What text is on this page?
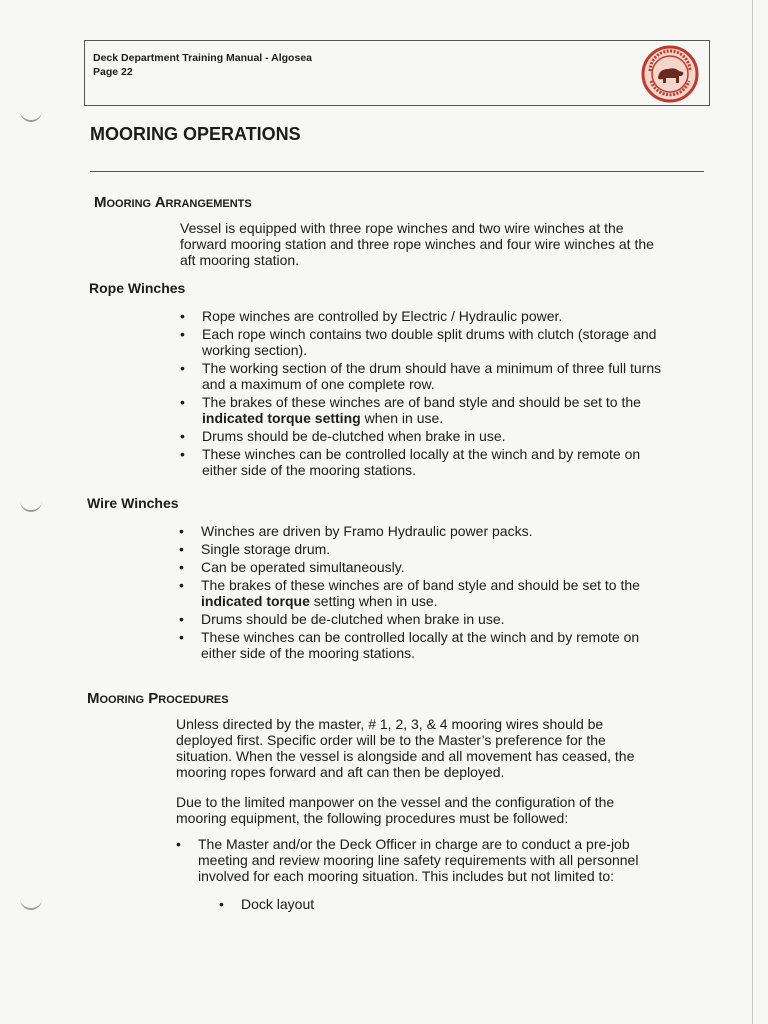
Deck Department Training Manual - Algosea
Page 22
MOORING OPERATIONS
Mooring Arrangements
Vessel is equipped with three rope winches and two wire winches at the
forward mooring station and three rope winches and four wire winches at the
aft mooring station.
Rope Winches
• Rope winches are controlled by Electric / Hydraulic power.
• Each rope winch contains two double split drums with clutch (storage and
working section).
• The working section of the drum should have a minimum of three full turns
and a maximum of one complete row.
• The brakes of these winches are of band style and should be set to the
indicated torque setting when in use.
• Drums should be de-clutched when brake in use.
• These winches can be controlled locally at the winch and by remote on
either side of the mooring stations.
Wire Winches
• Winches are driven by Framo Hydraulic power packs.
• Single storage drum.
• Can be operated simultaneously.
• The brakes of these winches are of band style and should be set to the
indicated torque setting when in use.
• Drums should be de-clutched when brake in use.
• These winches can be controlled locally at the winch and by remote on
either side of the mooring stations.
Mooring Procedures
Unless directed by the master, # 1, 2, 3, & 4 mooring wires should be
deployed first. Specific order will be to the Master’s preference for the
situation. When the vessel is alongside and all movement has ceased, the
mooring ropes forward and aft can then be deployed.
Due to the limited manpower on the vessel and the configuration of the
mooring equipment, the following procedures must be followed:
• The Master and/or the Deck Officer in charge are to conduct a pre-job
meeting and review mooring line safety requirements with all personnel
involved for each mooring situation. This includes but not limited to:
• Dock layout
